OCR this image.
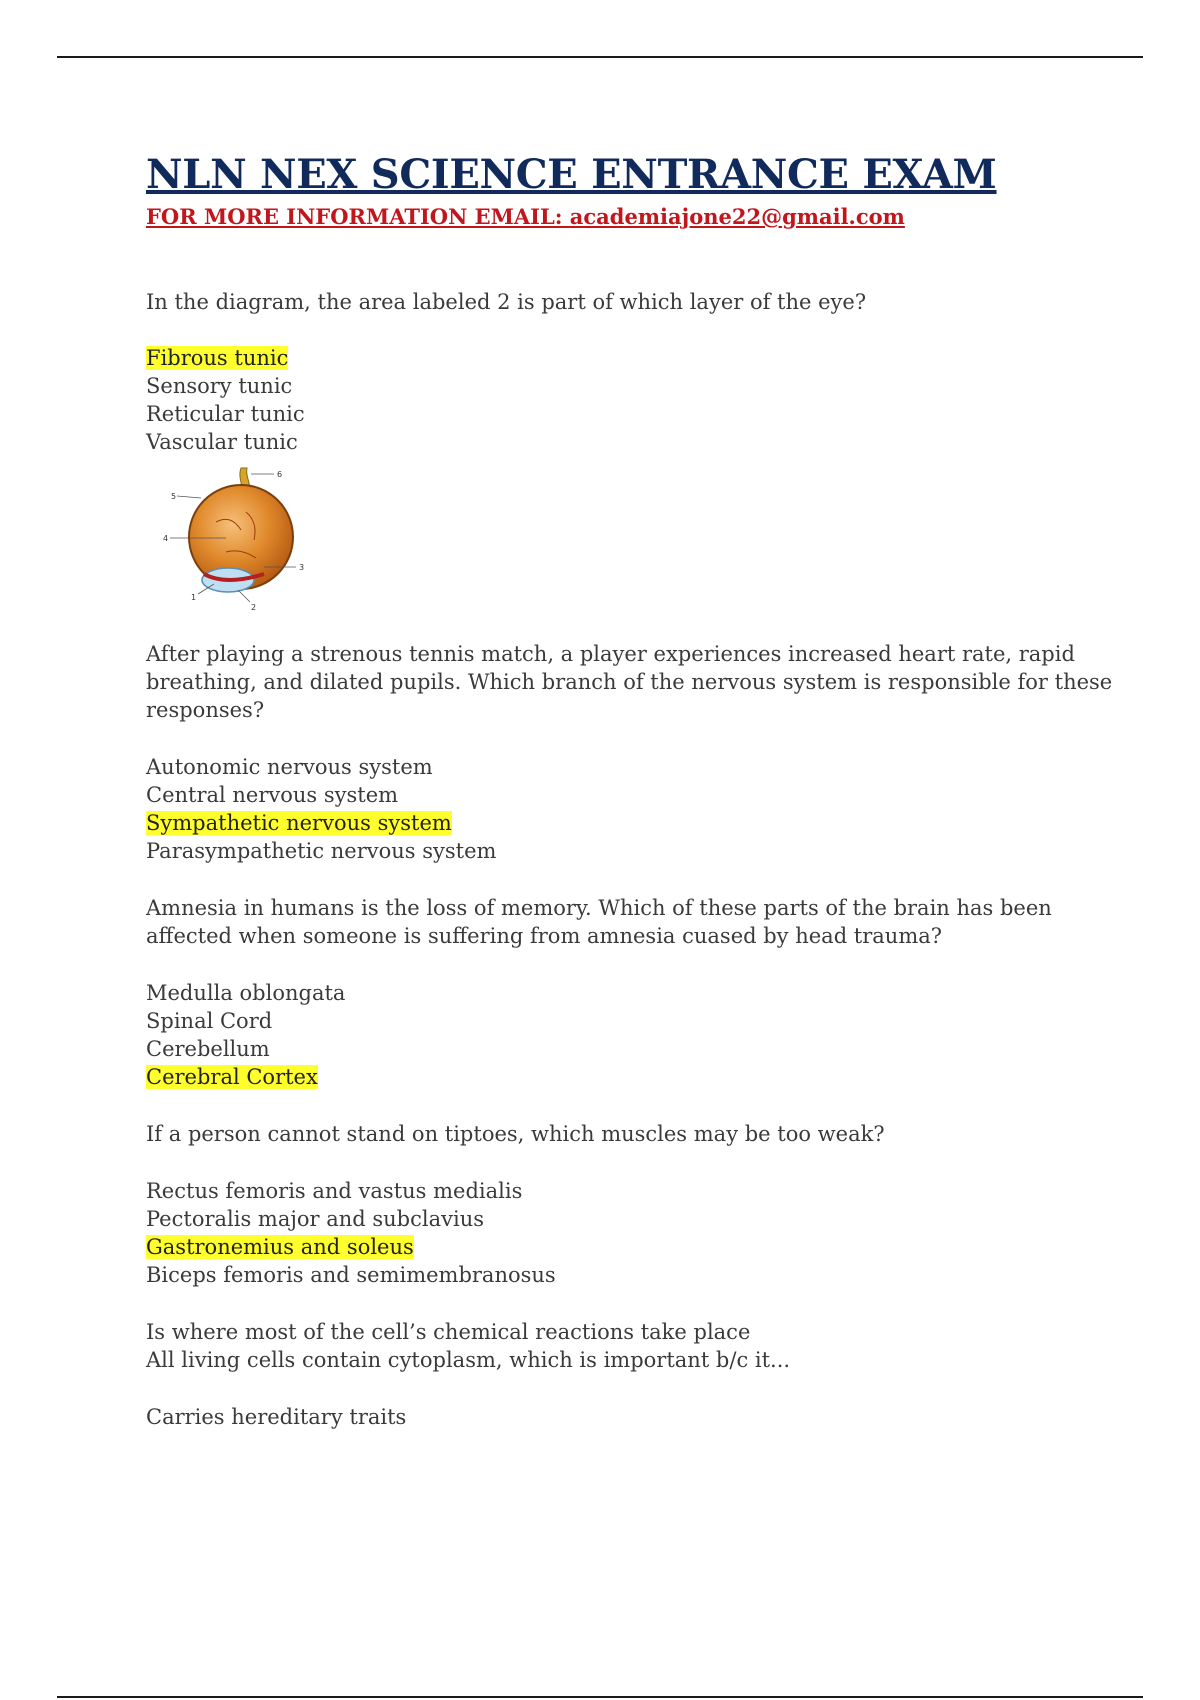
NLN NEX SCIENCE ENTRANCE EXAM
FOR MORE INFORMATION EMAIL: academiajone22@gmail.com
In the diagram, the area labeled 2 is part of which layer of the eye?
Fibrous tunic
Sensory tunic
Reticular tunic
Vascular tunic
5
6
4
3
1
2
After playing a strenous tennis match, a player experiences increased heart rate, rapid
breathing, and dilated pupils. Which branch of the nervous system is responsible for these
responses?
Autonomic nervous system
Central nervous system
Sympathetic nervous system
Parasympathetic nervous system
Amnesia in humans is the loss of memory. Which of these parts of the brain has been
affected when someone is suffering from amnesia cuased by head trauma?
Medulla oblongata
Spinal Cord
Cerebellum
Cerebral Cortex
If a person cannot stand on tiptoes, which muscles may be too weak?
Rectus femoris and vastus medialis
Pectoralis major and subclavius
Gastronemius and soleus
Biceps femoris and semimembranosus
Is where most of the cell’s chemical reactions take place
All living cells contain cytoplasm, which is important b/c it...
Carries hereditary traits
